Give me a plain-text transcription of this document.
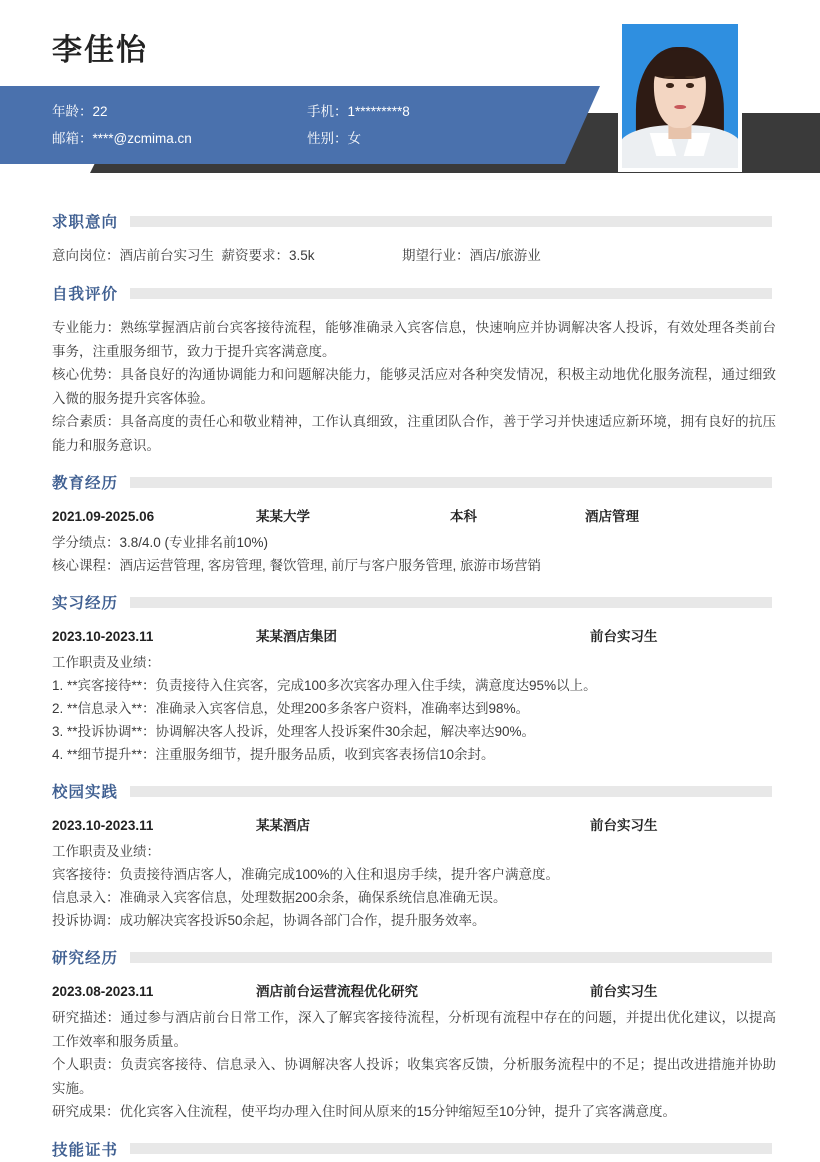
李佳怡
年龄：22	手机：1*********8
邮箱：****@zcmima.cn	性别：女
求职意向
意向岗位：酒店前台实习生 薪资要求：3.5k	期望行业：酒店/旅游业
自我评价
专业能力：熟练掌握酒店前台宾客接待流程，能够准确录入宾客信息，快速响应并协调解决客人投诉，有效处理各类前台事务，注重服务细节，致力于提升宾客满意度。
核心优势：具备良好的沟通协调能力和问题解决能力，能够灵活应对各种突发情况，积极主动地优化服务流程，通过细致入微的服务提升宾客体验。
综合素质：具备高度的责任心和敬业精神，工作认真细致，注重团队合作，善于学习并快速适应新环境，拥有良好的抗压能力和服务意识。
教育经历
2021.09-2025.06	某某大学	本科	酒店管理
学分绩点：3.8/4.0 (专业排名前10%)
核心课程：酒店运营管理, 客房管理, 餐饮管理, 前厅与客户服务管理, 旅游市场营销
实习经历
2023.10-2023.11	某某酒店集团	前台实习生
工作职责及业绩：
1. **宾客接待**：负责接待入住宾客，完成100多次宾客办理入住手续，满意度达95%以上。
2. **信息录入**：准确录入宾客信息，处理200多条客户资料，准确率达到98%。
3. **投诉协调**：协调解决客人投诉，处理客人投诉案件30余起，解决率达90%。
4. **细节提升**：注重服务细节，提升服务品质，收到宾客表扬信10余封。
校园实践
2023.10-2023.11	某某酒店	前台实习生
工作职责及业绩：
宾客接待：负责接待酒店客人，准确完成100%的入住和退房手续，提升客户满意度。
信息录入：准确录入宾客信息，处理数据200余条，确保系统信息准确无误。
投诉协调：成功解决宾客投诉50余起，协调各部门合作，提升服务效率。
研究经历
2023.08-2023.11	酒店前台运营流程优化研究	前台实习生
研究描述：通过参与酒店前台日常工作，深入了解宾客接待流程，分析现有流程中存在的问题，并提出优化建议，以提高工作效率和服务质量。
个人职责：负责宾客接待、信息录入、协调解决客人投诉；收集宾客反馈，分析服务流程中的不足；提出改进措施并协助实施。
研究成果：优化宾客入住流程，使平均办理入住时间从原来的15分钟缩短至10分钟，提升了宾客满意度。
技能证书
